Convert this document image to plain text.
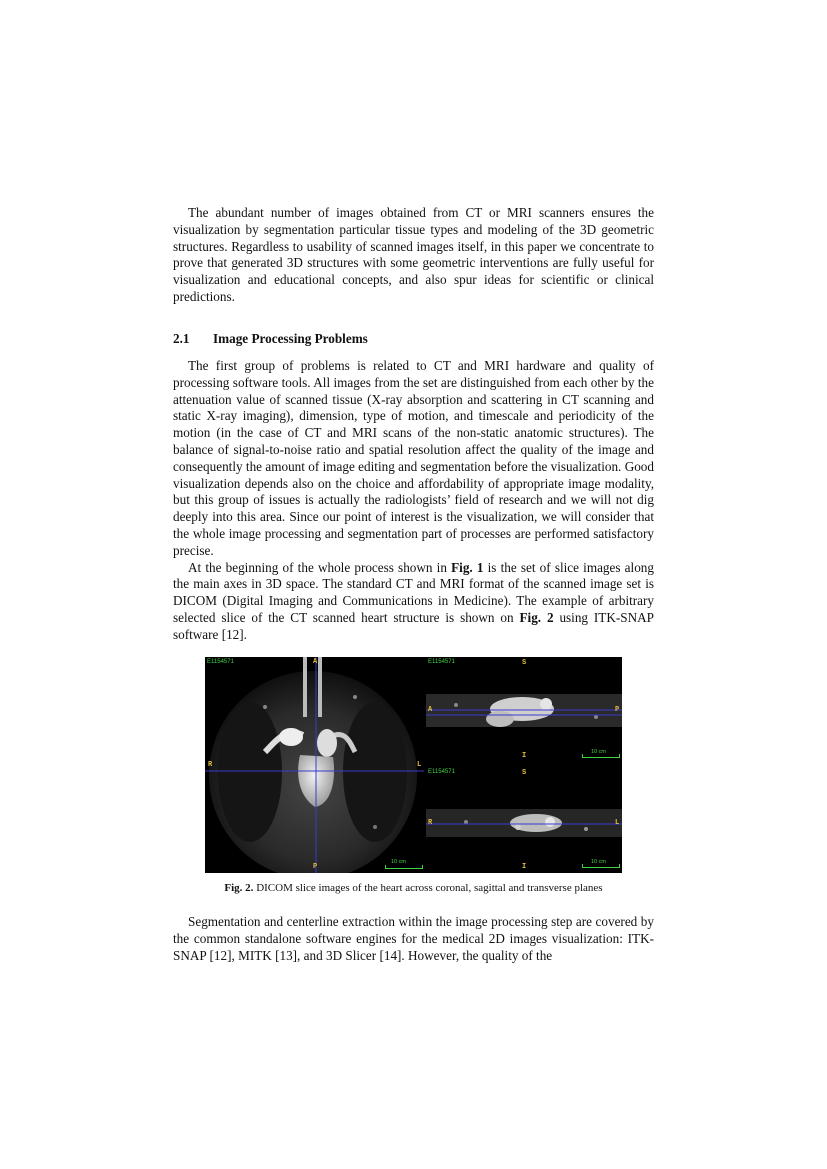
The abundant number of images obtained from CT or MRI scanners ensures the visualization by segmentation particular tissue types and modeling of the 3D geometric structures. Regardless to usability of scanned images itself, in this paper we concentrate to prove that generated 3D structures with some geometric interventions are fully useful for visualization and educational concepts, and also spur ideas for scientific or clinical predictions.

2.1 Image Processing Problems

The first group of problems is related to CT and MRI hardware and quality of processing software tools. All images from the set are distinguished from each other by the attenuation value of scanned tissue (X-ray absorption and scattering in CT scanning and static X-ray imaging), dimension, type of motion, and timescale and periodicity of the motion (in the case of CT and MRI scans of the non-static anatomic structures). The balance of signal-to-noise ratio and spatial resolution affect the quality of the image and consequently the amount of image editing and segmentation before the visualization. Good visualization depends also on the choice and affordability of appropriate image modality, but this group of issues is actually the radiologists’ field of research and we will not dig deeply into this area. Since our point of interest is the visualization, we will consider that the whole image processing and segmentation part of processes are performed satisfactory precise.

At the beginning of the whole process shown in Fig. 1 is the set of slice images along the main axes in 3D space. The standard CT and MRI format of the scanned image set is DICOM (Digital Imaging and Communications in Medicine). The example of arbitrary selected slice of the CT scanned heart structure is shown on Fig. 2 using ITK-SNAP software [12].

E1154571	A
P
R	L
10 cm
E1154571	S
I
A	P
10 cm
E1154571	S
I
R	L
10 cm
Fig. 2. DICOM slice images of the heart across coronal, sagittal and transverse planes

Segmentation and centerline extraction within the image processing step are covered by the common standalone software engines for the medical 2D images visualization: ITK-SNAP [12], MITK [13], and 3D Slicer [14]. However, the quality of the
